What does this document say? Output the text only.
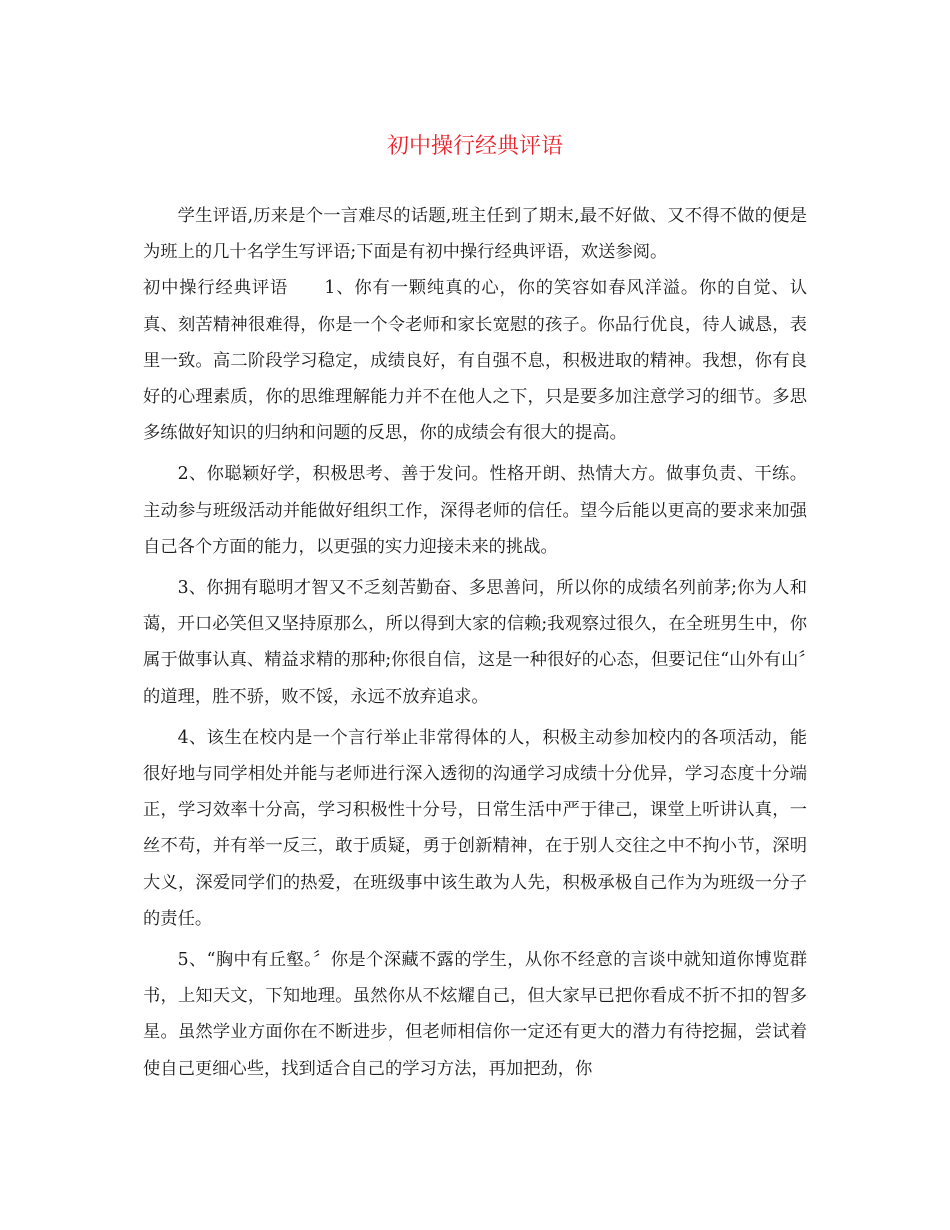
初中操行经典评语

学生评语,历来是个一言难尽的话题,班主任到了期末,最不好做、又不得不做的便是为班上的几十名学生写评语;下面是有初中操行经典评语，欢送参阅。

初中操行经典评语　　 1、你有一颗纯真的心，你的笑容如春风洋溢。你的自觉、认真、刻苦精神很难得，你是一个令老师和家长宽慰的孩子。你品行优良，待人诚恳，表里一致。高二阶段学习稳定，成绩良好，有自强不息，积极进取的精神。我想，你有良好的心理素质，你的思维理解能力并不在他人之下，只是要多加注意学习的细节。多思多练做好知识的归纳和问题的反思，你的成绩会有很大的提高。

2、你聪颖好学，积极思考、善于发问。性格开朗、热情大方。做事负责、干练。主动参与班级活动并能做好组织工作，深得老师的信任。望今后能以更高的要求来加强自己各个方面的能力，以更强的实力迎接未来的挑战。

3、你拥有聪明才智又不乏刻苦勤奋、多思善问，所以你的成绩名列前茅;你为人和蔼，开口必笑但又坚持原那么，所以得到大家的信赖;我观察过很久，在全班男生中，你属于做事认真、精益求精的那种;你很自信，这是一种很好的心态，但要记住“山外有山〞的道理，胜不骄，败不馁，永远不放弃追求。

4、该生在校内是一个言行举止非常得体的人，积极主动参加校内的各项活动，能很好地与同学相处并能与老师进行深入透彻的沟通学习成绩十分优异，学习态度十分端正，学习效率十分高，学习积极性十分号，日常生活中严于律己，课堂上听讲认真，一丝不苟，并有举一反三，敢于质疑，勇于创新精神，在于别人交往之中不拘小节，深明大义，深爱同学们的热爱，在班级事中该生敢为人先，积极承极自己作为为班级一分子的责任。

5、“胸中有丘壑。〞你是个深藏不露的学生，从你不经意的言谈中就知道你博览群书，上知天文，下知地理。虽然你从不炫耀自己，但大家早已把你看成不折不扣的智多星。虽然学业方面你在不断进步，但老师相信你一定还有更大的潜力有待挖掘，尝试着使自己更细心些，找到适合自己的学习方法，再加把劲，你
